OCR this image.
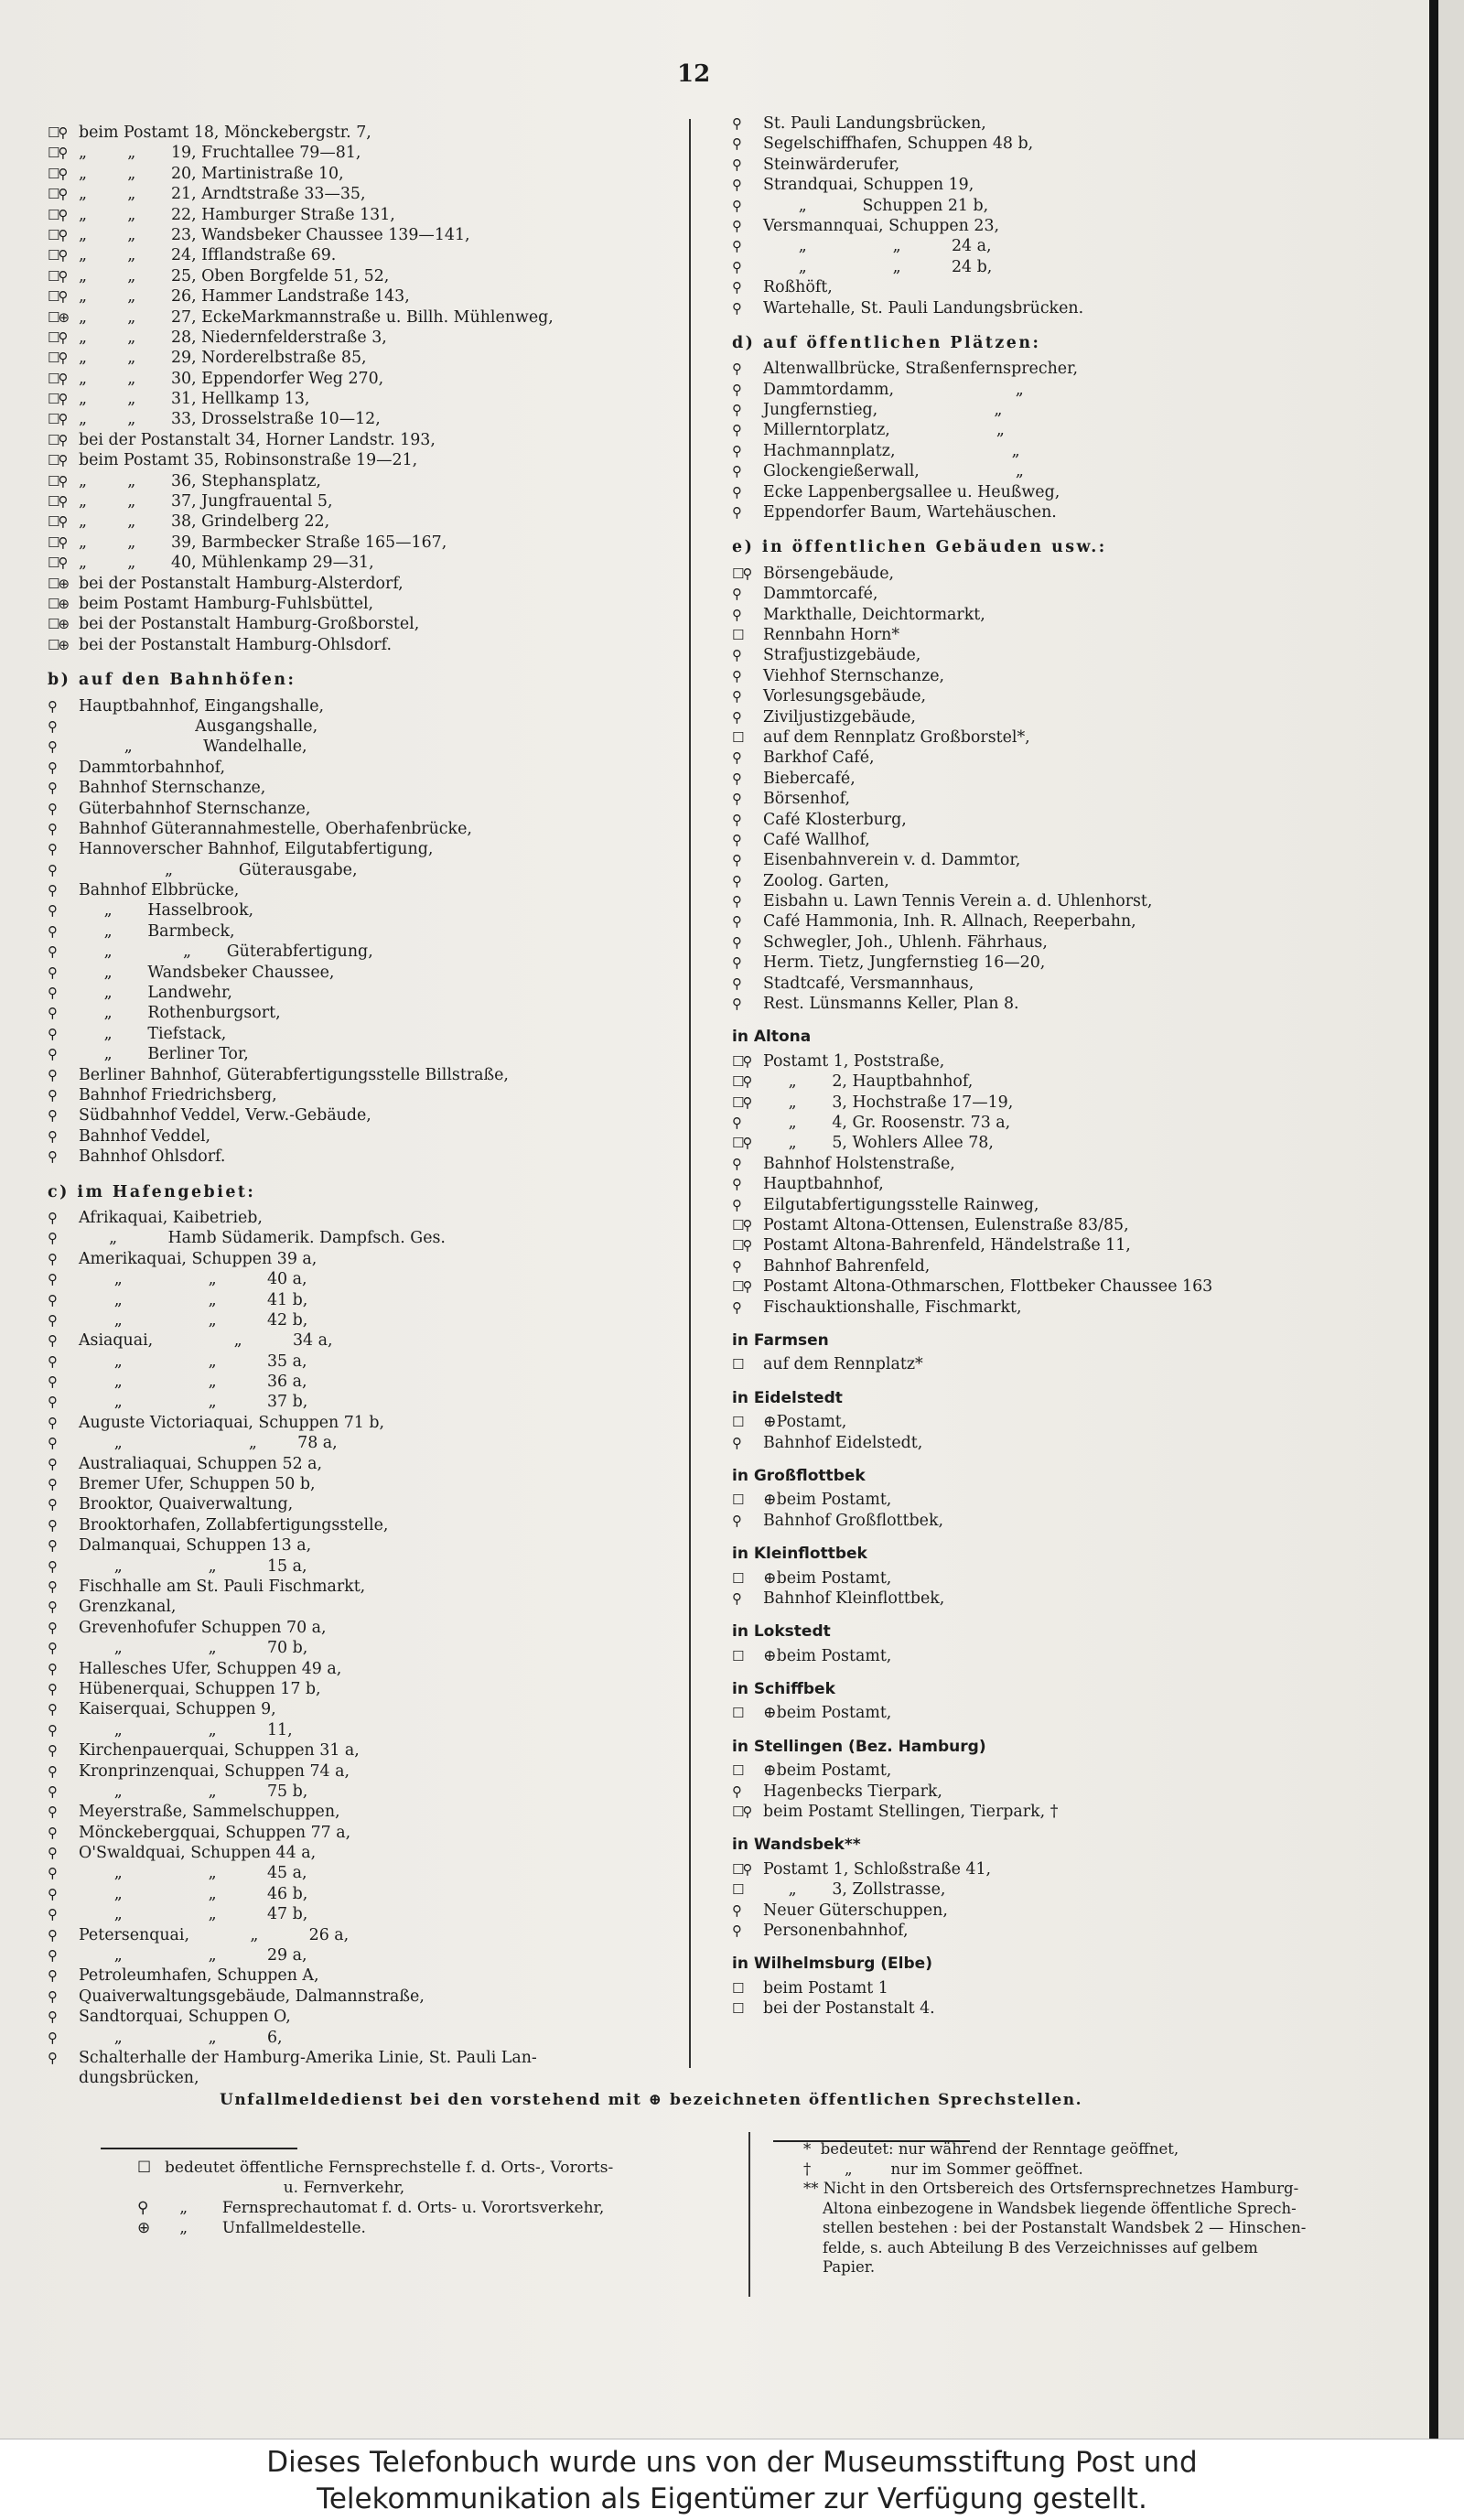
12
☐⚲ beim Postamt 18, Mönckebergstr. 7,
☐⚲ „        „       19, Fruchtallee 79—81,
☐⚲ „        „       20, Martinistraße 10,
☐⚲ „        „       21, Arndtstraße 33—35,
☐⚲ „        „       22, Hamburger Straße 131,
☐⚲ „        „       23, Wandsbeker Chaussee 139—141,
☐⚲ „        „       24, Ifflandstraße 69.
☐⚲ „        „       25, Oben Borgfelde 51, 52,
☐⚲ „        „       26, Hammer Landstraße 143,
☐⊕ „        „       27, EckeMarkmannstraße u. Billh. Mühlenweg,
☐⚲ „        „       28, Niedernfelderstraße 3,
☐⚲ „        „       29, Norderelbstraße 85,
☐⚲ „        „       30, Eppendorfer Weg 270,
☐⚲ „        „       31, Hellkamp 13,
☐⚲ „        „       33, Drosselstraße 10—12,
☐⚲ bei der Postanstalt 34, Horner Landstr. 193,
☐⚲ beim Postamt 35, Robinsonstraße 19—21,
☐⚲ „        „       36, Stephansplatz,
☐⚲ „        „       37, Jungfrauental 5,
☐⚲ „        „       38, Grindelberg 22,
☐⚲ „        „       39, Barmbecker Straße 165—167,
☐⚲ „        „       40, Mühlenkamp 29—31,
☐⊕ bei der Postanstalt Hamburg-Alsterdorf,
☐⊕ beim Postamt Hamburg-Fuhlsbüttel,
☐⊕ bei der Postanstalt Hamburg-Großborstel,
☐⊕ bei der Postanstalt Hamburg-Ohlsdorf.
b) auf den Bahnhöfen:
⚲ Hauptbahnhof, Eingangshalle,
⚲                       Ausgangshalle,
⚲         „              Wandelhalle,
⚲ Dammtorbahnhof,
⚲ Bahnhof Sternschanze,
⚲ Güterbahnhof Sternschanze,
⚲ Bahnhof Güterannahmestelle, Oberhafenbrücke,
⚲ Hannoverscher Bahnhof, Eilgutabfertigung,
⚲                 „             Güterausgabe,
⚲ Bahnhof Elbbrücke,
⚲     „       Hasselbrook,
⚲     „       Barmbeck,
⚲     „              „       Güterabfertigung,
⚲     „       Wandsbeker Chaussee,
⚲     „       Landwehr,
⚲     „       Rothenburgsort,
⚲     „       Tiefstack,
⚲     „       Berliner Tor,
⚲ Berliner Bahnhof, Güterabfertigungsstelle Billstraße,
⚲ Bahnhof Friedrichsberg,
⚲ Südbahnhof Veddel, Verw.-Gebäude,
⚲ Bahnhof Veddel,
⚲ Bahnhof Ohlsdorf.
c) im Hafengebiet:
⚲ Afrikaquai, Kaibetrieb,
⚲      „          Hamb Südamerik. Dampfsch. Ges.
⚲ Amerikaquai, Schuppen 39 a,
⚲       „                 „          40 a,
⚲       „                 „          41 b,
⚲       „                 „          42 b,
⚲ Asiaquai,                „          34 a,
⚲       „                 „          35 a,
⚲       „                 „          36 a,
⚲       „                 „          37 b,
⚲ Auguste Victoriaquai, Schuppen 71 b,
⚲       „                         „        78 a,
⚲ Australiaquai, Schuppen 52 a,
⚲ Bremer Ufer, Schuppen 50 b,
⚲ Brooktor, Quaiverwaltung,
⚲ Brooktorhafen, Zollabfertigungsstelle,
⚲ Dalmanquai, Schuppen 13 a,
⚲       „                 „          15 a,
⚲ Fischhalle am St. Pauli Fischmarkt,
⚲ Grenzkanal,
⚲ Grevenhofufer Schuppen 70 a,
⚲       „                 „          70 b,
⚲ Hallesches Ufer, Schuppen 49 a,
⚲ Hübenerquai, Schuppen 17 b,
⚲ Kaiserquai, Schuppen 9,
⚲       „                 „          11,
⚲ Kirchenpauerquai, Schuppen 31 a,
⚲ Kronprinzenquai, Schuppen 74 a,
⚲       „                 „          75 b,
⚲ Meyerstraße, Sammelschuppen,
⚲ Mönckebergquai, Schuppen 77 a,
⚲ O'Swaldquai, Schuppen 44 a,
⚲       „                 „          45 a,
⚲       „                 „          46 b,
⚲       „                 „          47 b,
⚲ Petersenquai,            „          26 a,
⚲       „                 „          29 a,
⚲ Petroleumhafen, Schuppen A,
⚲ Quaiverwaltungsgebäude, Dalmannstraße,
⚲ Sandtorquai, Schuppen O,
⚲       „                 „          6,
⚲ Schalterhalle der Hamburg-Amerika Linie, St. Pauli Lan-
dungsbrücken,
⚲ St. Pauli Landungsbrücken,
⚲ Segelschiffhafen, Schuppen 48 b,
⚲ Steinwärderufer,
⚲ Strandquai, Schuppen 19,
⚲       „           Schuppen 21 b,
⚲ Versmannquai, Schuppen 23,
⚲       „                 „          24 a,
⚲       „                 „          24 b,
⚲ Roßhöft,
⚲ Wartehalle, St. Pauli Landungsbrücken.
d) auf öffentlichen Plätzen:
⚲ Altenwallbrücke, Straßenfernsprecher,
⚲ Dammtordamm,                        „
⚲ Jungfernstieg,                       „
⚲ Millerntorplatz,                     „
⚲ Hachmannplatz,                       „
⚲ Glockengießerwall,                   „
⚲ Ecke Lappenbergsallee u. Heußweg,
⚲ Eppendorfer Baum, Wartehäuschen.
e) in öffentlichen Gebäuden usw.:
☐⚲ Börsengebäude,
⚲ Dammtorcafé,
⚲ Markthalle, Deichtormarkt,
☐ Rennbahn Horn*
⚲ Strafjustizgebäude,
⚲ Viehhof Sternschanze,
⚲ Vorlesungsgebäude,
⚲ Ziviljustizgebäude,
☐ auf dem Rennplatz Großborstel*,
⚲ Barkhof Café,
⚲ Biebercafé,
⚲ Börsenhof,
⚲ Café Klosterburg,
⚲ Café Wallhof,
⚲ Eisenbahnverein v. d. Dammtor,
⚲ Zoolog. Garten,
⚲ Eisbahn u. Lawn Tennis Verein a. d. Uhlenhorst,
⚲ Café Hammonia, Inh. R. Allnach, Reeperbahn,
⚲ Schwegler, Joh., Uhlenh. Fährhaus,
⚲ Herm. Tietz, Jungfernstieg 16—20,
⚲ Stadtcafé, Versmannhaus,
⚲ Rest. Lünsmanns Keller, Plan 8.
in Altona
☐⚲ Postamt 1, Poststraße,
☐⚲     „       2, Hauptbahnhof,
☐⚲     „       3, Hochstraße 17—19,
⚲     „       4, Gr. Roosenstr. 73 a,
☐⚲     „       5, Wohlers Allee 78,
⚲ Bahnhof Holstenstraße,
⚲ Hauptbahnhof,
⚲ Eilgutabfertigungsstelle Rainweg,
☐⚲ Postamt Altona-Ottensen, Eulenstraße 83/85,
☐⚲ Postamt Altona-Bahrenfeld, Händelstraße 11,
⚲ Bahnhof Bahrenfeld,
☐⚲ Postamt Altona-Othmarschen, Flottbeker Chaussee 163
⚲ Fischauktionshalle, Fischmarkt,
in Farmsen
☐ auf dem Rennplatz*
in Eidelstedt
☐ ⊕Postamt,
⚲ Bahnhof Eidelstedt,
in Großflottbek
☐ ⊕beim Postamt,
⚲ Bahnhof Großflottbek,
in Kleinflottbek
☐ ⊕beim Postamt,
⚲ Bahnhof Kleinflottbek,
in Lokstedt
☐ ⊕beim Postamt,
in Schiffbek
☐ ⊕beim Postamt,
in Stellingen (Bez. Hamburg)
☐ ⊕beim Postamt,
⚲ Hagenbecks Tierpark,
☐⚲ beim Postamt Stellingen, Tierpark, †
in Wandsbek**
☐⚲ Postamt 1, Schloßstraße 41,
☐     „       3, Zollstrasse,
⚲ Neuer Güterschuppen,
⚲ Personenbahnhof,
in Wilhelmsburg (Elbe)
☐ beim Postamt 1
☐ bei der Postanstalt 4.
Unfallmeldedienst bei den vorstehend mit ⊕ bezeichneten öffentlichen Sprechstellen.
☐ bedeutet öffentliche Fernsprechstelle f. d. Orts-, Vororts-
u. Fernverkehr,
⚲   „       Fernsprechautomat f. d. Orts- u. Vorortsverkehr,
⊕   „       Unfallmeldestelle.
*  bedeutet: nur während der Renntage geöffnet,
†       „        nur im Sommer geöffnet.
** Nicht in den Ortsbereich des Ortsfernsprechnetzes Hamburg-
Altona einbezogene in Wandsbek liegende öffentliche Sprech-
stellen bestehen : bei der Postanstalt Wandsbek 2 — Hinschen-
felde, s. auch Abteilung B des Verzeichnisses auf gelbem
Papier.
Dieses Telefonbuch wurde uns von der Museumsstiftung Post und
Telekommunikation als Eigentümer zur Verfügung gestellt.
